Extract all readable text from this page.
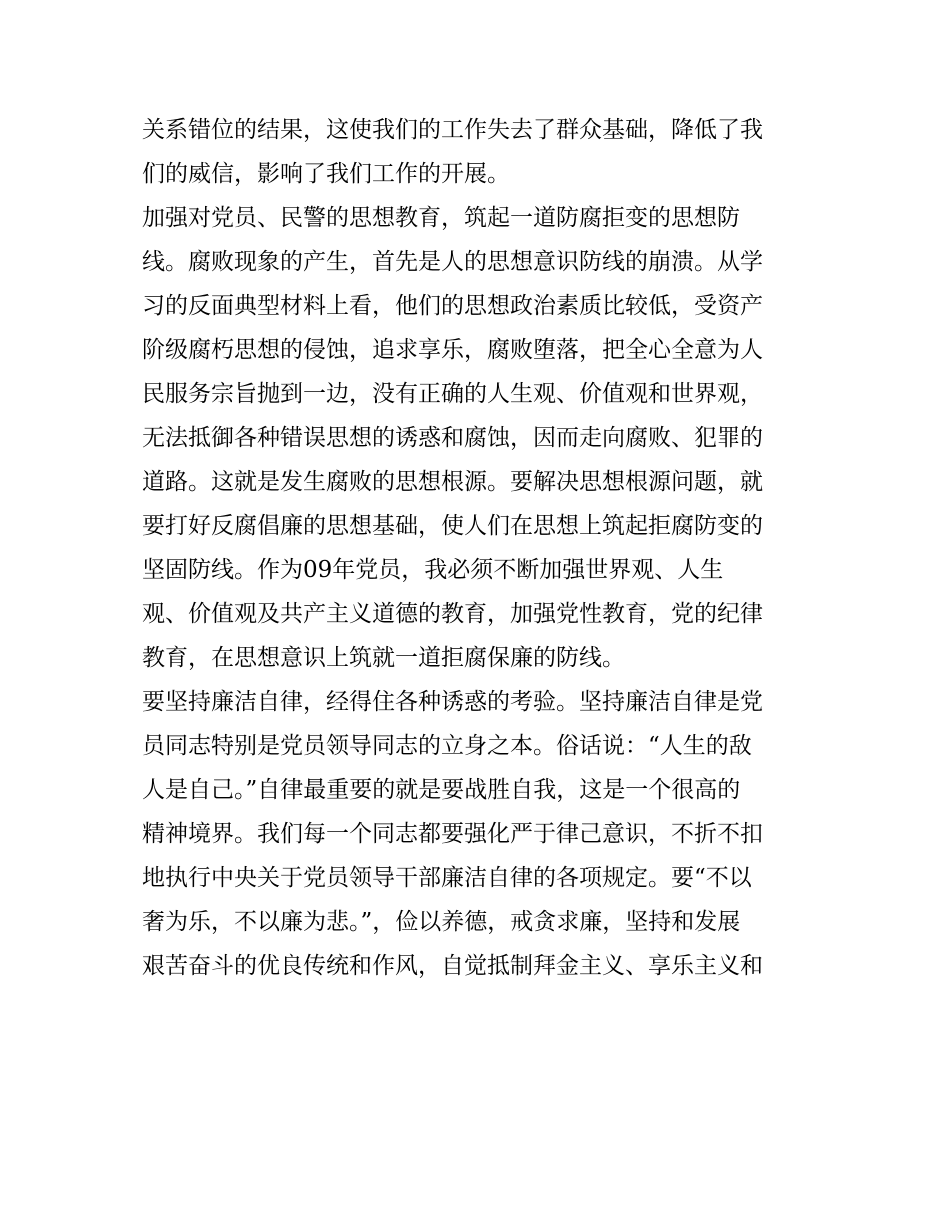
关系错位的结果，这使我们的工作失去了群众基础，降低了我

们的威信，影响了我们工作的开展。

加强对党员、民警的思想教育，筑起一道防腐拒变的思想防

线。腐败现象的产生，首先是人的思想意识防线的崩溃。从学

习的反面典型材料上看，他们的思想政治素质比较低，受资产

阶级腐朽思想的侵蚀，追求享乐，腐败堕落，把全心全意为人

民服务宗旨抛到一边，没有正确的人生观、价值观和世界观，

无法抵御各种错误思想的诱惑和腐蚀，因而走向腐败、犯罪的

道路。这就是发生腐败的思想根源。要解决思想根源问题，就

要打好反腐倡廉的思想基础，使人们在思想上筑起拒腐防变的

坚固防线。作为09年党员，我必须不断加强世界观、人生

观、价值观及共产主义道德的教育，加强党性教育，党的纪律

教育，在思想意识上筑就一道拒腐保廉的防线。

要坚持廉洁自律，经得住各种诱惑的考验。坚持廉洁自律是党

员同志特别是党员领导同志的立身之本。俗话说：“人生的敌

人是自己。”自律最重要的就是要战胜自我，这是一个很高的

精神境界。我们每一个同志都要强化严于律己意识，不折不扣

地执行中央关于党员领导干部廉洁自律的各项规定。要“不以

奢为乐，不以廉为悲。”，俭以养德，戒贪求廉，坚持和发展

艰苦奋斗的优良传统和作风，自觉抵制拜金主义、享乐主义和
